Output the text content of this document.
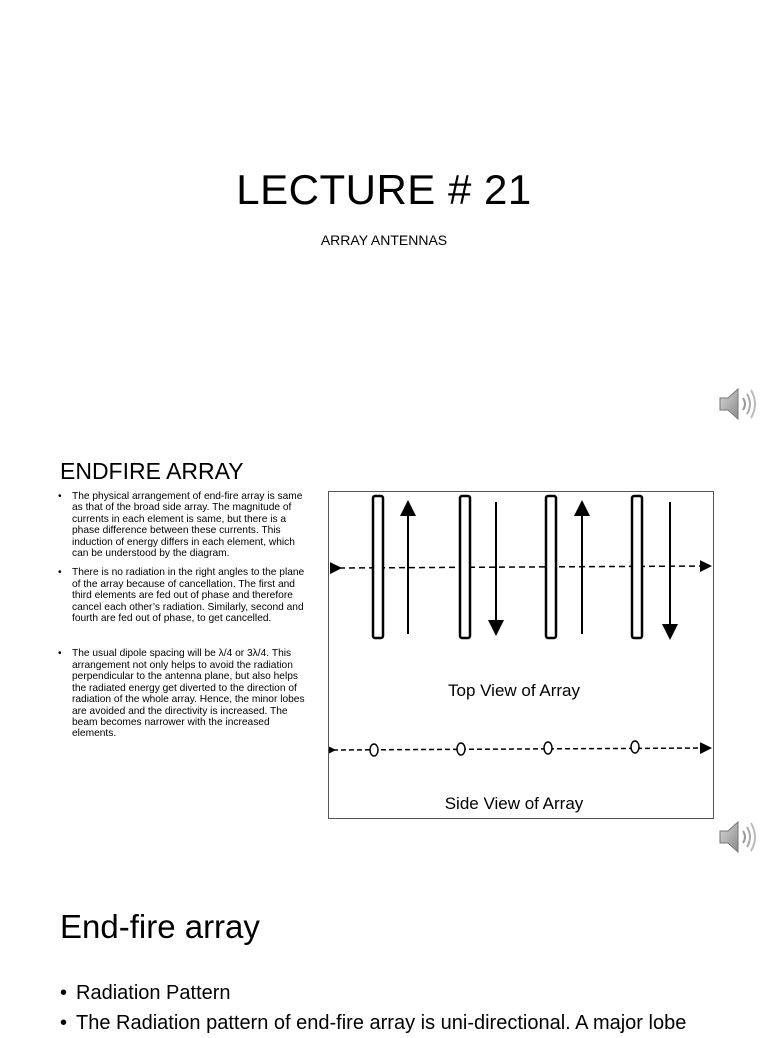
LECTURE # 21
ARRAY ANTENNAS
ENDFIRE ARRAY
• The physical arrangement of end-fire array is same as that of the broad side array. The magnitude of currents in each element is same, but there is a phase difference between these currents. This induction of energy differs in each element, which can be understood by the diagram.
• There is no radiation in the right angles to the plane of the array because of cancellation. The first and third elements are fed out of phase and therefore cancel each other’s radiation. Similarly, second and fourth are fed out of phase, to get cancelled.
• The usual dipole spacing will be λ/4 or 3λ/4. This arrangement not only helps to avoid the radiation perpendicular to the antenna plane, but also helps the radiated energy get diverted to the direction of radiation of the whole array. Hence, the minor lobes are avoided and the directivity is increased. The beam becomes narrower with the increased elements.
Top View of Array
Side View of Array
End-fire array
• Radiation Pattern
• The Radiation pattern of end-fire array is uni-directional. A major lobe
